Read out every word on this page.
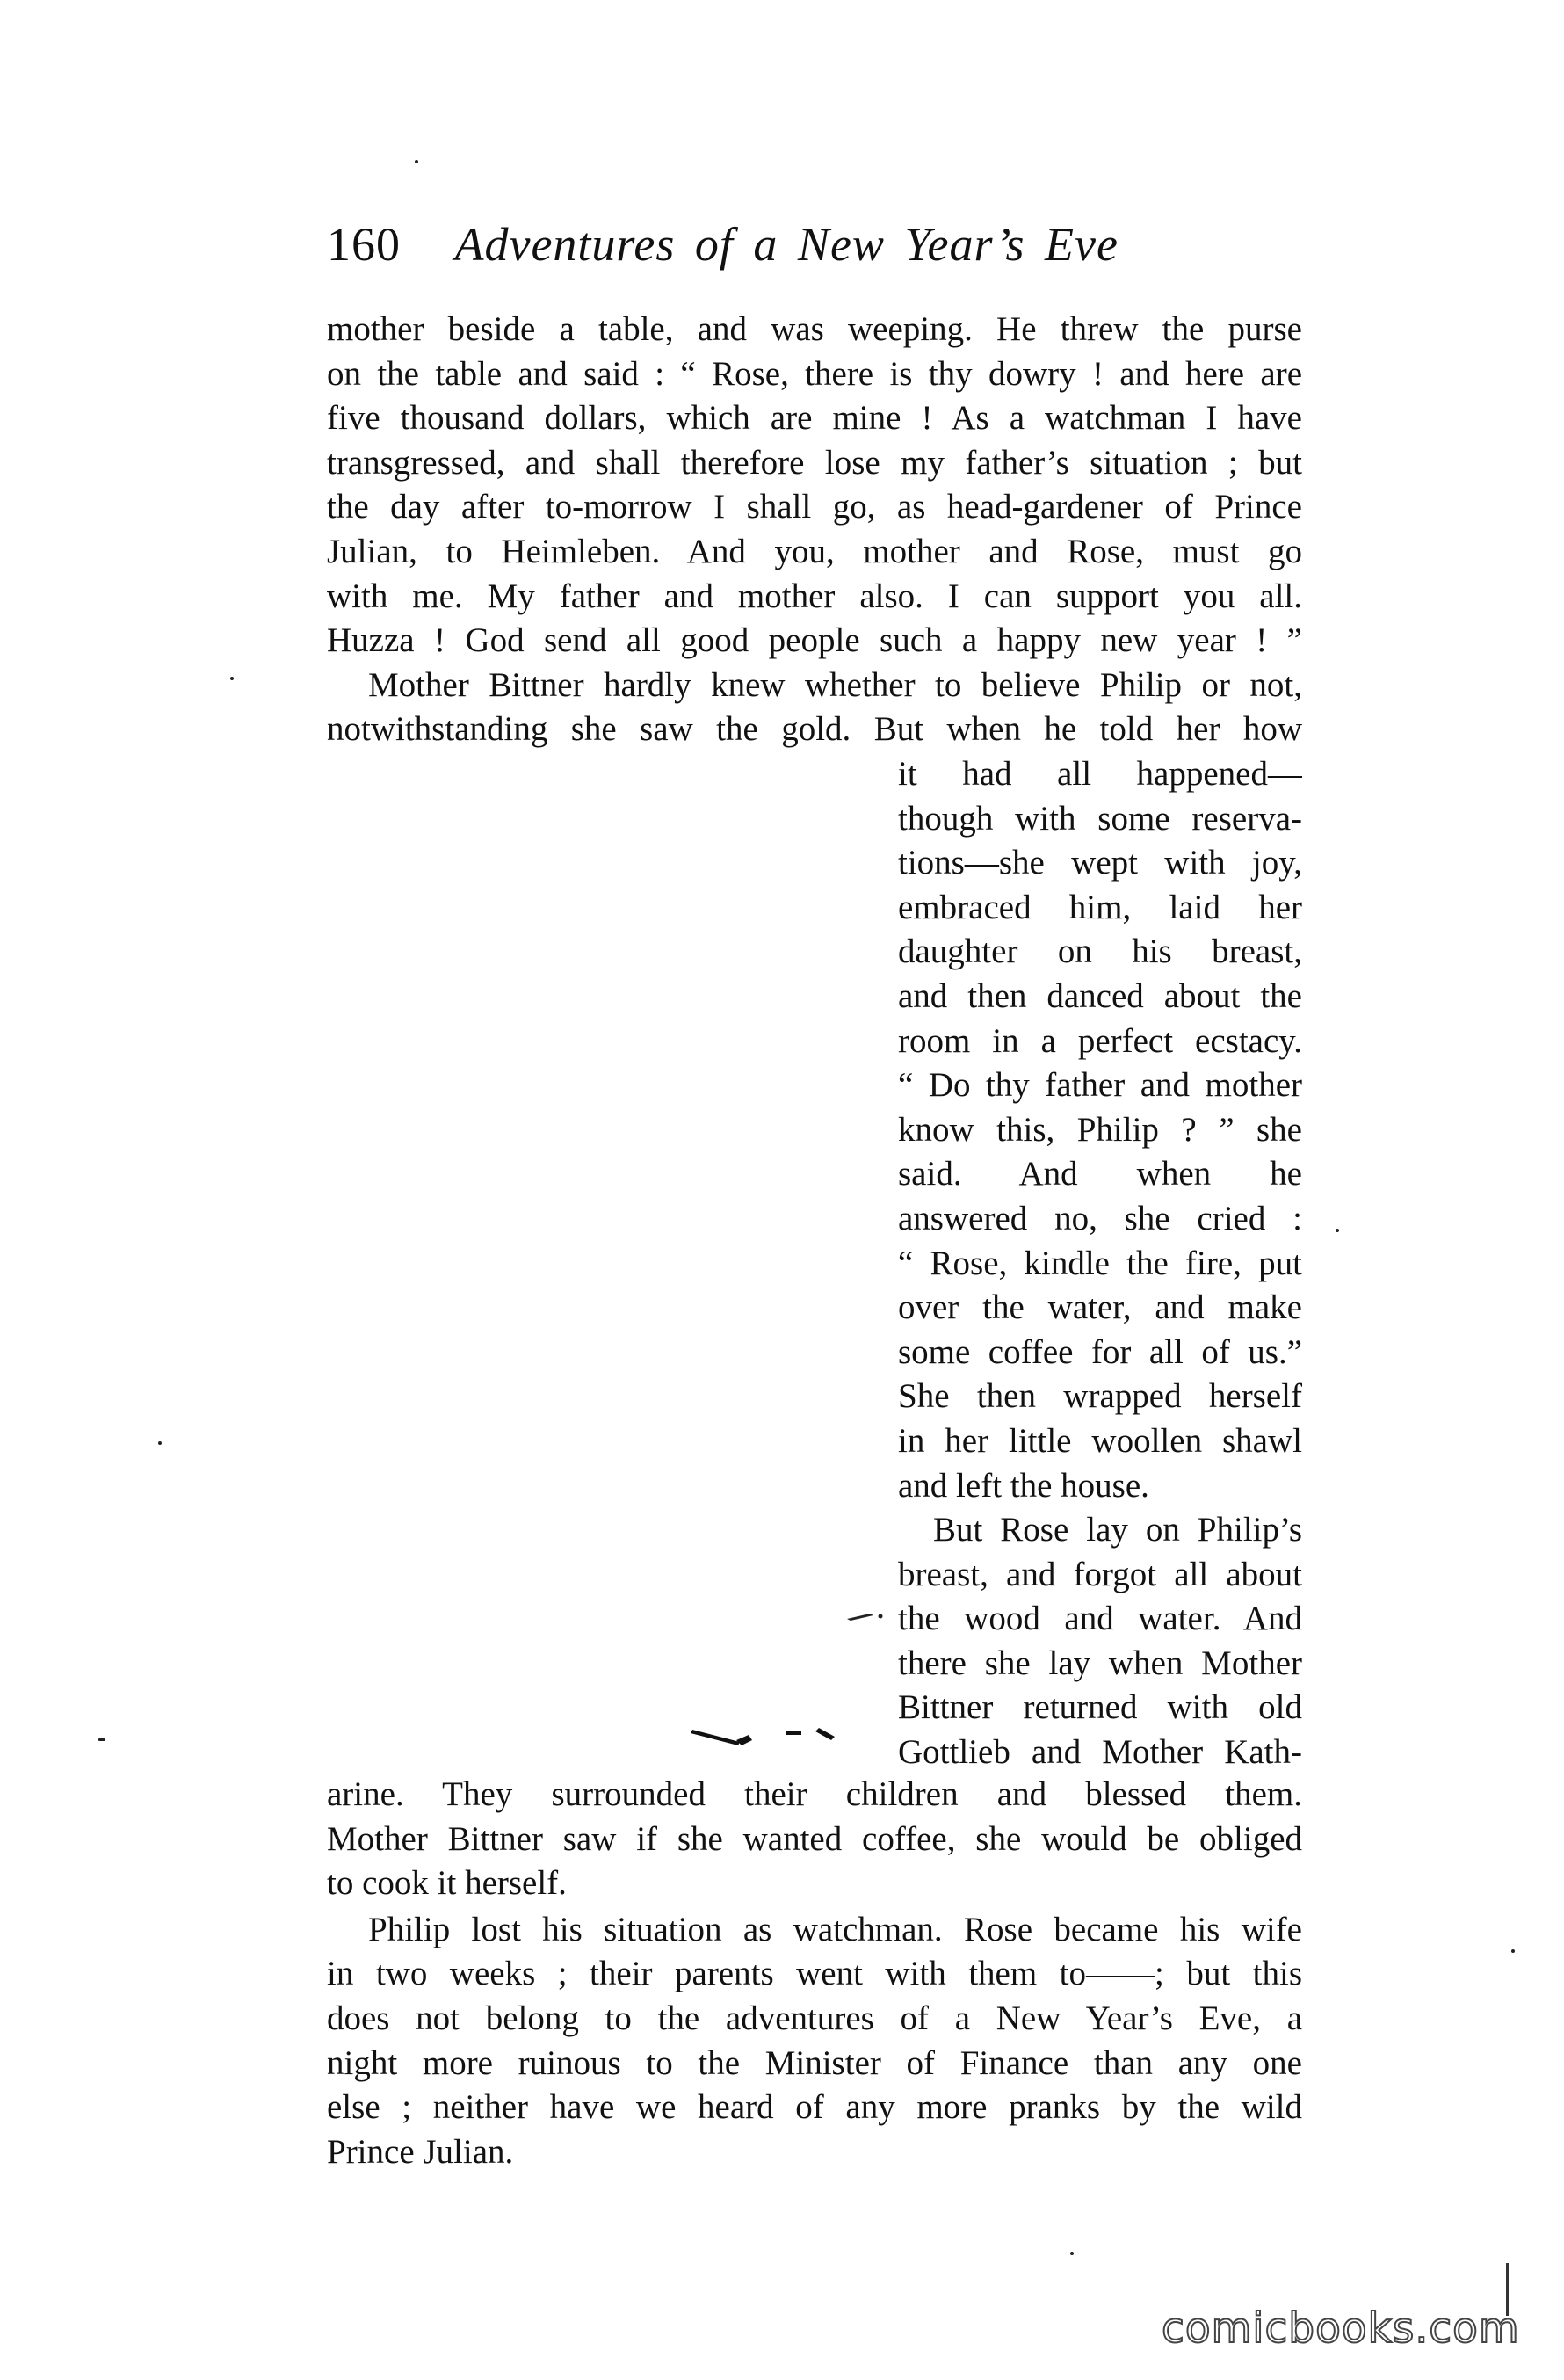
160 Adventures of a New Year’s Eve
mother beside a table, and was weeping. He threw the purse
on the table and said : “ Rose, there is thy dowry ! and here are
five thousand dollars, which are mine ! As a watchman I have
transgressed, and shall therefore lose my father’s situation ; but
the day after to-morrow I shall go, as head-gardener of Prince
Julian, to Heimleben. And you, mother and Rose, must go
with me. My father and mother also. I can support you all.
Huzza ! God send all good people such a happy new year ! ”
Mother Bittner hardly knew whether to believe Philip or not,
notwithstanding she saw the gold. But when he told her how
it had all happened—
though with some reserva-
tions—she wept with joy,
embraced him, laid her
daughter on his breast,
and then danced about the
room in a perfect ecstacy.
“ Do thy father and mother
know this, Philip ? ” she
said. And when he
answered no, she cried :
“ Rose, kindle the fire, put
over the water, and make
some coffee for all of us.”
She then wrapped herself
in her little woollen shawl
and left the house.
But Rose lay on Philip’s
breast, and forgot all about
the wood and water. And
there she lay when Mother
Bittner returned with old
Gottlieb and Mother Kath-
arine. They surrounded their children and blessed them.
Mother Bittner saw if she wanted coffee, she would be obliged
to cook it herself.
Philip lost his situation as watchman. Rose became his wife
in two weeks ; their parents went with them to——; but this
does not belong to the adventures of a New Year’s Eve, a
night more ruinous to the Minister of Finance than any one
else ; neither have we heard of any more pranks by the wild
Prince Julian.
comicbooks.com
